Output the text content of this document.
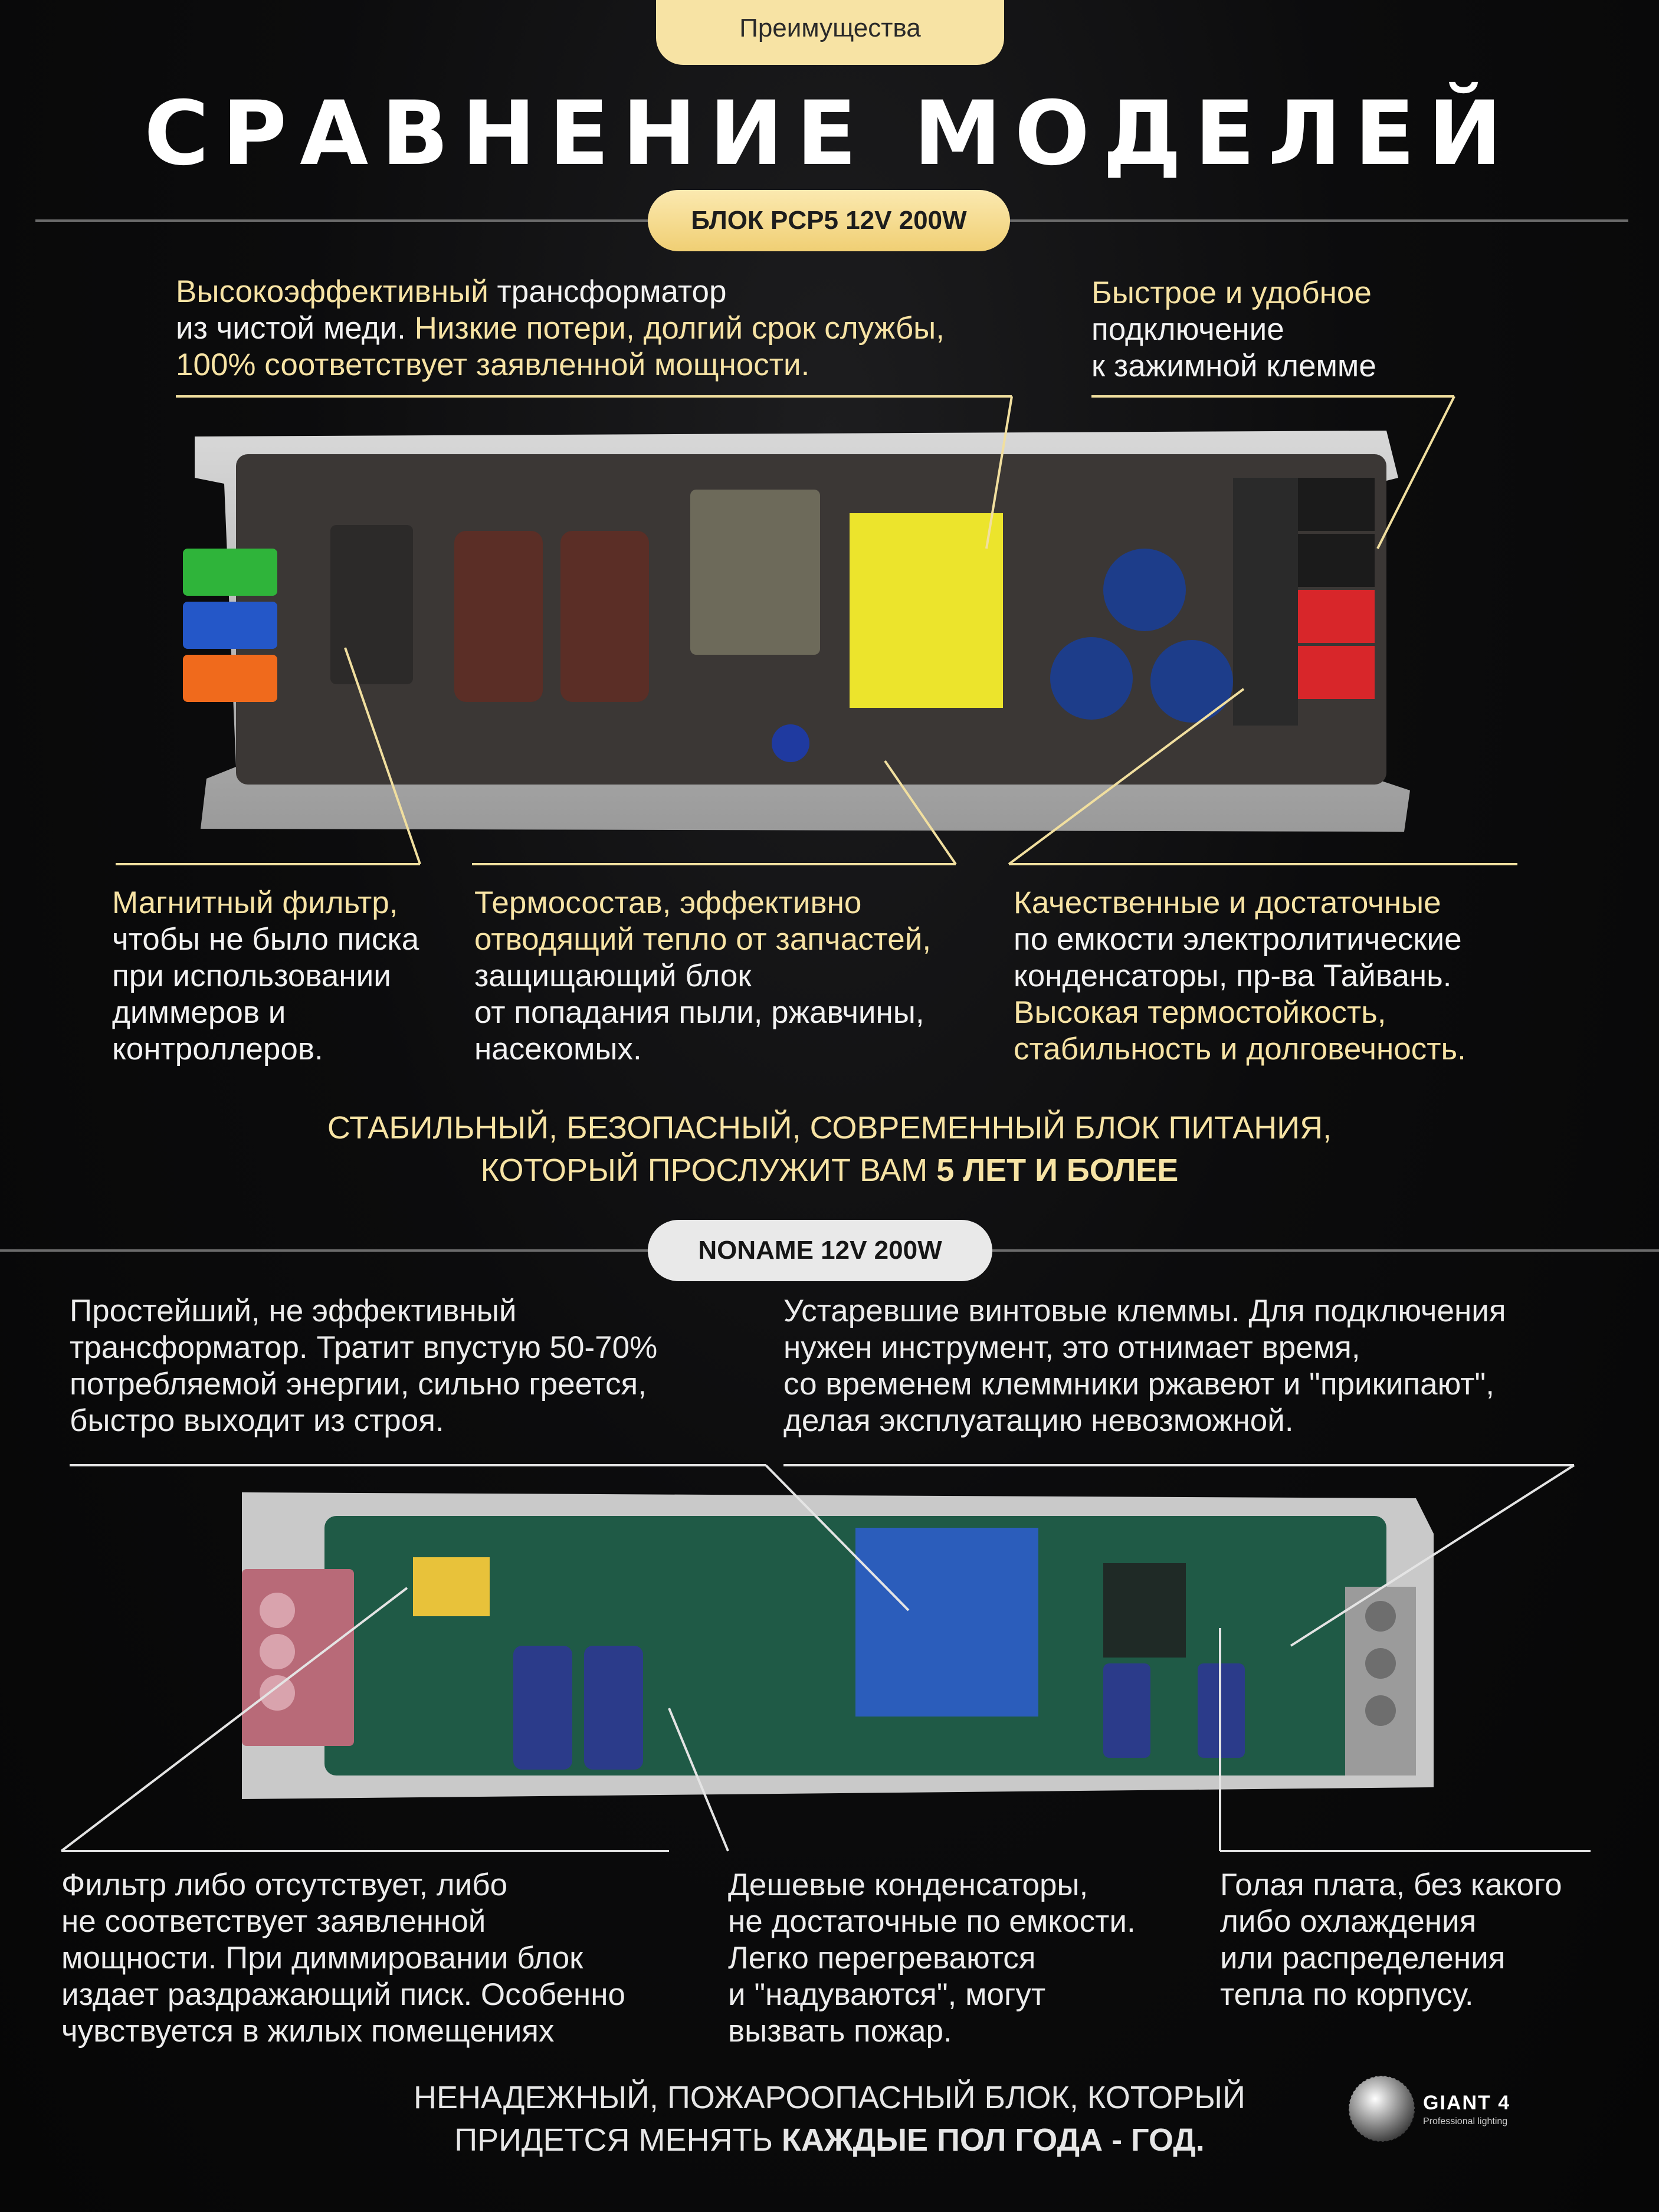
Преимущества
СРАВНЕНИЕ МОДЕЛЕЙ
БЛОК PCP5 12V 200W
Высокоэффективный трансформатор
из чистой меди. Низкие потери, долгий срок службы,
100% соответствует заявленной мощности.
Быстрое и удобное
подключение
к зажимной клемме
Магнитный фильтр,
чтобы не было писка
при использовании
диммеров и
контроллеров.
Термосостав, эффективно
отводящий тепло от запчастей,
защищающий блок
от попадания пыли, ржавчины,
насекомых.
Качественные и достаточные
по емкости электролитические
конденсаторы, пр-ва Тайвань.
Высокая термостойкость,
стабильность и долговечность.
СТАБИЛЬНЫЙ, БЕЗОПАСНЫЙ, СОВРЕМЕННЫЙ БЛОК ПИТАНИЯ,
КОТОРЫЙ ПРОСЛУЖИТ ВАМ 5 ЛЕТ И БОЛЕЕ
NONAME 12V 200W
Простейший, не эффективный
трансформатор. Тратит впустую 50-70%
потребляемой энергии, сильно греется,
быстро выходит из строя.
Устаревшие винтовые клеммы. Для подключения
нужен инструмент, это отнимает время,
со временем клеммники ржавеют и "прикипают",
делая эксплуатацию невозможной.
Фильтр либо отсутствует, либо
не соответствует заявленной
мощности. При диммировании блок
издает раздражающий писк. Особенно
чувствуется в жилых помещениях
Дешевые конденсаторы,
не достаточные по емкости.
Легко перегреваются
и "надуваются", могут
вызвать пожар.
Голая плата, без какого
либо охлаждения
или распределения
тепла по корпусу.
НЕНАДЕЖНЫЙ, ПОЖАРООПАСНЫЙ БЛОК, КОТОРЫЙ
ПРИДЕТСЯ МЕНЯТЬ КАЖДЫЕ ПОЛ ГОДА - ГОД.
GIANT 4
Professional lighting
